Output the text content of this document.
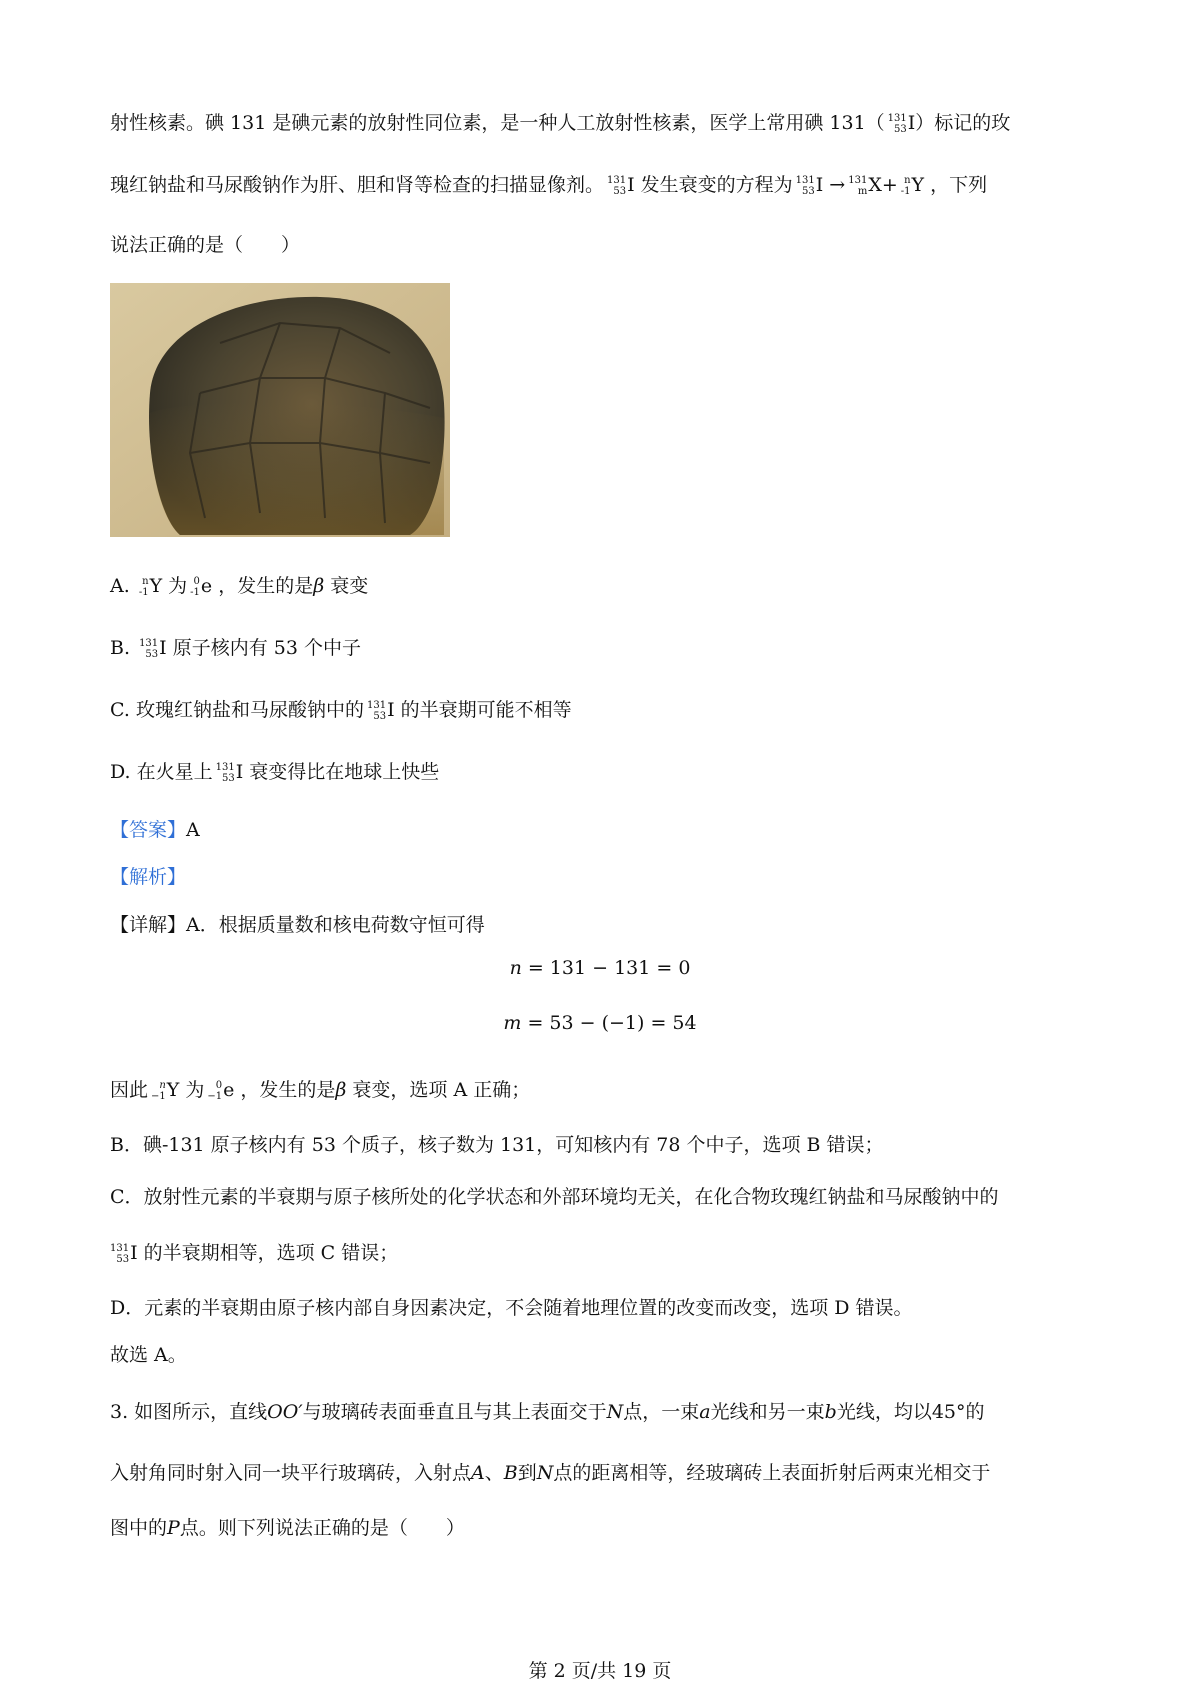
射性核素。碘 131 是碘元素的放射性同位素，是一种人工放射性核素，医学上常用碘 131（ 131
53 I）标记的玫
瑰红钠盐和马尿酸钠作为肝、胆和肾等检查的扫描显像剂。 131
53 I 发生衰变的方程为 131
53 I → 131
m X+ n
-1 Y ，下列
说法正确的是（　　）
A.	n
-1 Y 为 0
-1 e ，发生的是β 衰变
B. 131
53 I 原子核内有 53 个中子
C. 玫瑰红钠盐和马尿酸钠中的 131
53 I 的半衰期可能不相等
D. 在火星上 131
53 I 衰变得比在地球上快些
【答案】A
【解析】
【详解】A．根据质量数和核电荷数守恒可得
n = 131 − 131 = 0
m = 53 − (−1) = 54
因此	n
−1 Y 为	0
−1 e ，发生的是β 衰变，选项 A 正确；
B．碘-131 原子核内有 53 个质子，核子数为 131，可知核内有 78 个中子，选项 B 错误；
C．放射性元素的半衰期与原子核所处的化学状态和外部环境均无关，在化合物玫瑰红钠盐和马尿酸钠中的
131
53 I 的半衰期相等，选项 C 错误；
D．元素的半衰期由原子核内部自身因素决定，不会随着地理位置的改变而改变，选项 D 错误。
故选 A。
3. 如图所示，直线OO′与玻璃砖表面垂直且与其上表面交于N点，一束a光线和另一束b光线，均以45°的
入射角同时射入同一块平行玻璃砖，入射点A、B到N点的距离相等，经玻璃砖上表面折射后两束光相交于
图中的P点。则下列说法正确的是（　　）
第 2 页/共 19 页
